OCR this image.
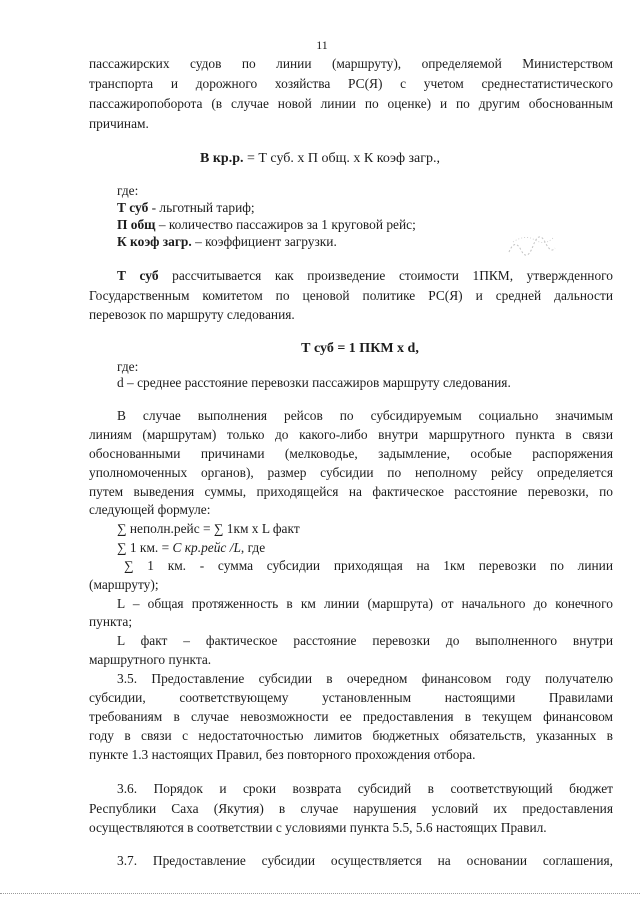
11
пассажирских судов по линии (маршруту), определяемой Министерством
транспорта и дорожного хозяйства РС(Я) с учетом среднестатистического
пассажиропоборота (в случае новой линии по оценке) и по другим обоснованным
причинам.
В кр.р. = Т суб. х П общ. х К коэф загр.,
где:
Т суб - льготный тариф;
П общ – количество пассажиров за 1 круговой рейс;
К коэф загр. – коэффициент загрузки.
Т суб рассчитывается как произведение стоимости 1ПКМ, утвержденного
Государственным комитетом по ценовой политике РС(Я) и средней дальности
перевозок по маршруту следования.
Т суб = 1 ПКМ х d,
где:
d – среднее расстояние перевозки пассажиров маршруту следования.
В случае выполнения рейсов по субсидируемым социально значимым
линиям (маршрутам) только до какого-либо внутри маршрутного пункта в связи
обоснованными причинами (мелководье, задымление, особые распоряжения
уполномоченных органов), размер субсидии по неполному рейсу определяется
путем выведения суммы, приходящейся на фактическое расстояние перевозки, по
следующей формуле:
∑ неполн.рейс = ∑ 1км х L факт
∑ 1 км. = С кр.рейс /L, где
∑ 1 км. - сумма субсидии приходящая на 1км перевозки по линии
(маршруту);
L – общая протяженность в км линии (маршрута) от начального до конечного
пункта;
L факт – фактическое расстояние перевозки до выполненного внутри
маршрутного пункта.
3.5. Предоставление субсидии в очередном финансовом году получателю
субсидии, соответствующему установленным настоящими Правилами
требованиям в случае невозможности ее предоставления в текущем финансовом
году в связи с недостаточностью лимитов бюджетных обязательств, указанных в
пункте 1.3 настоящих Правил, без повторного прохождения отбора.
3.6. Порядок и сроки возврата субсидий в соответствующий бюджет
Республики Саха (Якутия) в случае нарушения условий их предоставления
осуществляются в соответствии с условиями пункта 5.5, 5.6 настоящих Правил.
3.7. Предоставление субсидии осуществляется на основании соглашения,
